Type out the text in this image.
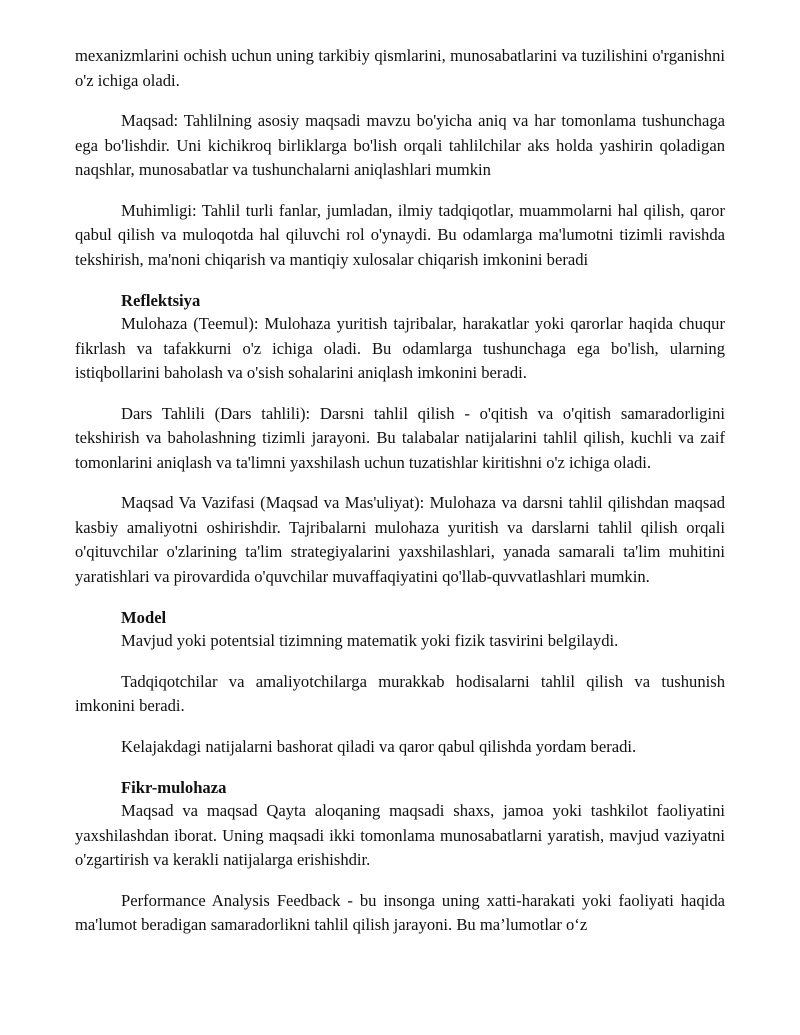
mexanizmlarini ochish uchun uning tarkibiy qismlarini, munosabatlarini va tuzilishini o'rganishni o'z ichiga oladi.

Maqsad: Tahlilning asosiy maqsadi mavzu bo'yicha aniq va har tomonlama tushunchaga ega bo'lishdir. Uni kichikroq birliklarga bo'lish orqali tahlilchilar aks holda yashirin qoladigan naqshlar, munosabatlar va tushunchalarni aniqlashlari mumkin

Muhimligi: Tahlil turli fanlar, jumladan, ilmiy tadqiqotlar, muammolarni hal qilish, qaror qabul qilish va muloqotda hal qiluvchi rol o'ynaydi. Bu odamlarga ma'lumotni tizimli ravishda tekshirish, ma'noni chiqarish va mantiqiy xulosalar chiqarish imkonini beradi

Reflektsiya

Mulohaza (Teemul): Mulohaza yuritish tajribalar, harakatlar yoki qarorlar haqida chuqur fikrlash va tafakkurni o'z ichiga oladi. Bu odamlarga tushunchaga ega bo'lish, ularning istiqbollarini baholash va o'sish sohalarini aniqlash imkonini beradi.

Dars Tahlili (Dars tahlili): Darsni tahlil qilish - o'qitish va o'qitish samaradorligini tekshirish va baholashning tizimli jarayoni. Bu talabalar natijalarini tahlil qilish, kuchli va zaif tomonlarini aniqlash va ta'limni yaxshilash uchun tuzatishlar kiritishni o'z ichiga oladi.

Maqsad Va Vazifasi (Maqsad va Mas'uliyat): Mulohaza va darsni tahlil qilishdan maqsad kasbiy amaliyotni oshirishdir. Tajribalarni mulohaza yuritish va darslarni tahlil qilish orqali o'qituvchilar o'zlarining ta'lim strategiyalarini yaxshilashlari, yanada samarali ta'lim muhitini yaratishlari va pirovardida o'quvchilar muvaffaqiyatini qo'llab-quvvatlashlari mumkin.

Model

Mavjud yoki potentsial tizimning matematik yoki fizik tasvirini belgilaydi.

Tadqiqotchilar va amaliyotchilarga murakkab hodisalarni tahlil qilish va tushunish imkonini beradi.

Kelajakdagi natijalarni bashorat qiladi va qaror qabul qilishda yordam beradi.

Fikr-mulohaza

Maqsad va maqsad Qayta aloqaning maqsadi shaxs, jamoa yoki tashkilot faoliyatini yaxshilashdan iborat. Uning maqsadi ikki tomonlama munosabatlarni yaratish, mavjud vaziyatni o'zgartirish va kerakli natijalarga erishishdir.

Performance Analysis Feedback - bu insonga uning xatti-harakati yoki faoliyati haqida ma'lumot beradigan samaradorlikni tahlil qilish jarayoni. Bu ma’lumotlar o‘z
